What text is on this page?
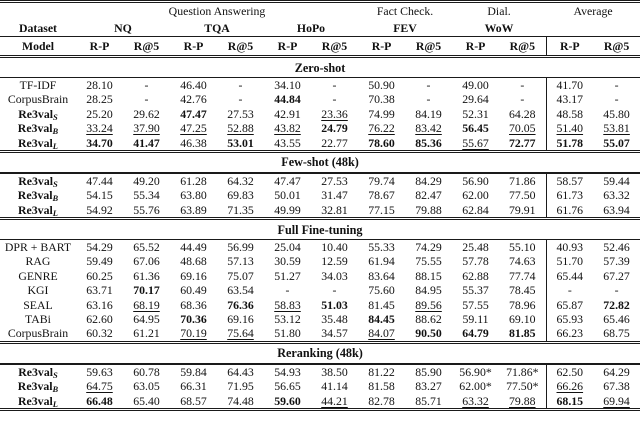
	Question Answering						Fact Check.		Dial.		Average	
Dataset	NQ		TQA		HoPo		FEV		WoW			
Model	R-P	R@5	R-P	R@5	R-P	R@5	R-P	R@5	R-P	R@5	R-P	R@5
Zero-shot												
TF-IDF	28.10	-	46.40	-	34.10	-	50.90	-	49.00	-	41.70	-
CorpusBrain	28.25	-	42.76	-	44.84	-	70.38	-	29.64	-	43.17	-
Re3val$_S$	25.20	29.62	47.47	27.53	42.91	23.36	74.99	84.19	52.31	64.28	48.58	45.80
Re3val$_B$	33.24	37.90	47.25	52.88	43.82	24.79	76.22	83.42	56.45	70.05	51.40	53.81
Re3val$_L$	34.70	41.47	46.38	53.01	43.55	22.77	78.60	85.36	55.67	72.77	51.78	55.07
Few-shot (48k)												
Re3val$_S$	47.44	49.20	61.28	64.32	47.47	27.53	79.74	84.29	56.90	71.86	58.57	59.44
Re3val$_B$	54.15	55.34	63.80	69.83	50.01	31.47	78.67	82.47	62.00	77.50	61.73	63.32
Re3val$_L$	54.92	55.76	63.89	71.35	49.99	32.81	77.15	79.88	62.84	79.91	61.76	63.94
Full Fine-tuning												
DPR + BART	54.29	65.52	44.49	56.99	25.04	10.40	55.33	74.29	25.48	55.10	40.93	52.46
RAG	59.49	67.06	48.68	57.13	30.59	12.59	61.94	75.55	57.78	74.63	51.70	57.39
GENRE	60.25	61.36	69.16	75.07	51.27	34.03	83.64	88.15	62.88	77.74	65.44	67.27
KGI	63.71	70.17	60.49	63.54	-	-	75.60	84.95	55.37	78.45	-	-
SEAL	63.16	68.19	68.36	76.36	58.83	51.03	81.45	89.56	57.55	78.96	65.87	72.82
TABi	62.60	64.95	70.36	69.16	53.12	35.48	84.45	88.62	59.11	69.10	65.93	65.46
CorpusBrain	60.32	61.21	70.19	75.64	51.80	34.57	84.07	90.50	64.79	81.85	66.23	68.75
Reranking (48k)												
Re3val$_S$	59.63	60.78	59.84	64.43	54.93	38.50	81.22	85.90	56.90*	71.86*	62.50	64.29
Re3val$_B$	64.75	63.05	66.31	71.95	56.65	41.14	81.58	83.27	62.00*	77.50*	66.26	67.38
Re3val$_L$	66.48	65.40	68.57	74.48	59.60	44.21	82.78	85.71	63.32	79.88	68.15	69.94
